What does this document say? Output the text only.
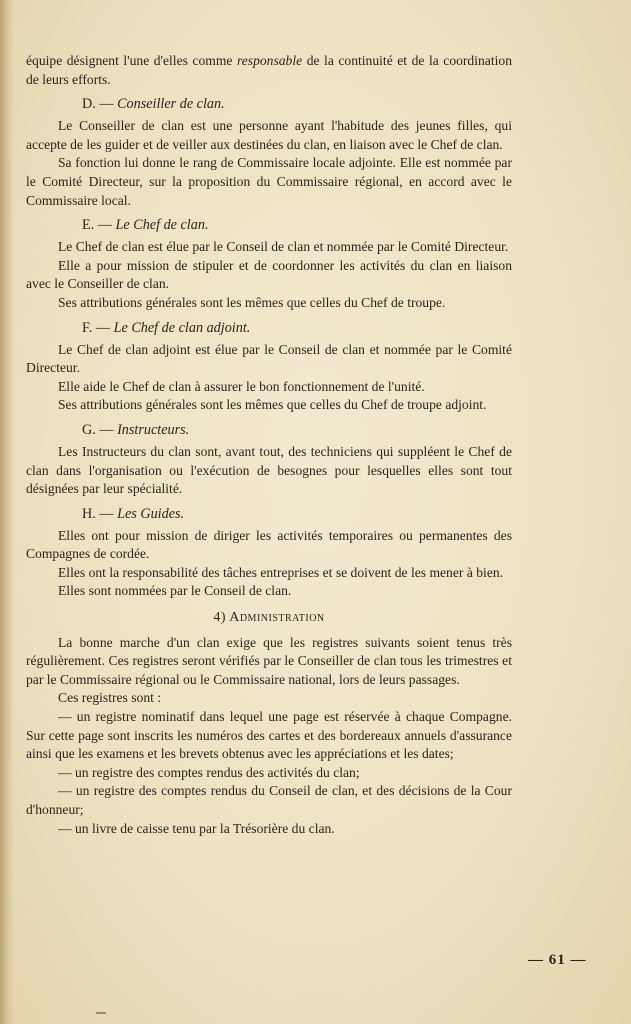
équipe désignent l'une d'elles comme responsable de la continuité et de la coordination de leurs efforts.

D. — Conseiller de clan.

Le Conseiller de clan est une personne ayant l'habitude des jeunes filles, qui accepte de les guider et de veiller aux destinées du clan, en liaison avec le Chef de clan.

Sa fonction lui donne le rang de Commissaire locale adjointe. Elle est nommée par le Comité Directeur, sur la proposition du Commissaire régional, en accord avec le Commissaire local.

E. — Le Chef de clan.

Le Chef de clan est élue par le Conseil de clan et nommée par le Comité Directeur.

Elle a pour mission de stipuler et de coordonner les activités du clan en liaison avec le Conseiller de clan.

Ses attributions générales sont les mêmes que celles du Chef de troupe.

F. — Le Chef de clan adjoint.

Le Chef de clan adjoint est élue par le Conseil de clan et nommée par le Comité Directeur.

Elle aide le Chef de clan à assurer le bon fonctionnement de l'unité.

Ses attributions générales sont les mêmes que celles du Chef de troupe adjoint.

G. — Instructeurs.

Les Instructeurs du clan sont, avant tout, des techniciens qui suppléent le Chef de clan dans l'organisation ou l'exécution de besognes pour lesquelles elles sont tout désignées par leur spécialité.

H. — Les Guides.

Elles ont pour mission de diriger les activités temporaires ou permanentes des Compagnes de cordée.

Elles ont la responsabilité des tâches entreprises et se doivent de les mener à bien.

Elles sont nommées par le Conseil de clan.

4) Administration

La bonne marche d'un clan exige que les registres suivants soient tenus très régulièrement. Ces registres seront vérifiés par le Conseiller de clan tous les trimestres et par le Commissaire régional ou le Commissaire national, lors de leurs passages.

Ces registres sont :

— un registre nominatif dans lequel une page est réservée à chaque Compagne. Sur cette page sont inscrits les numéros des cartes et des bordereaux annuels d'assurance ainsi que les examens et les brevets obtenus avec les appréciations et les dates;

— un registre des comptes rendus des activités du clan;

— un registre des comptes rendus du Conseil de clan, et des décisions de la Cour d'honneur;

— un livre de caisse tenu par la Trésorière du clan.

— 61 —
